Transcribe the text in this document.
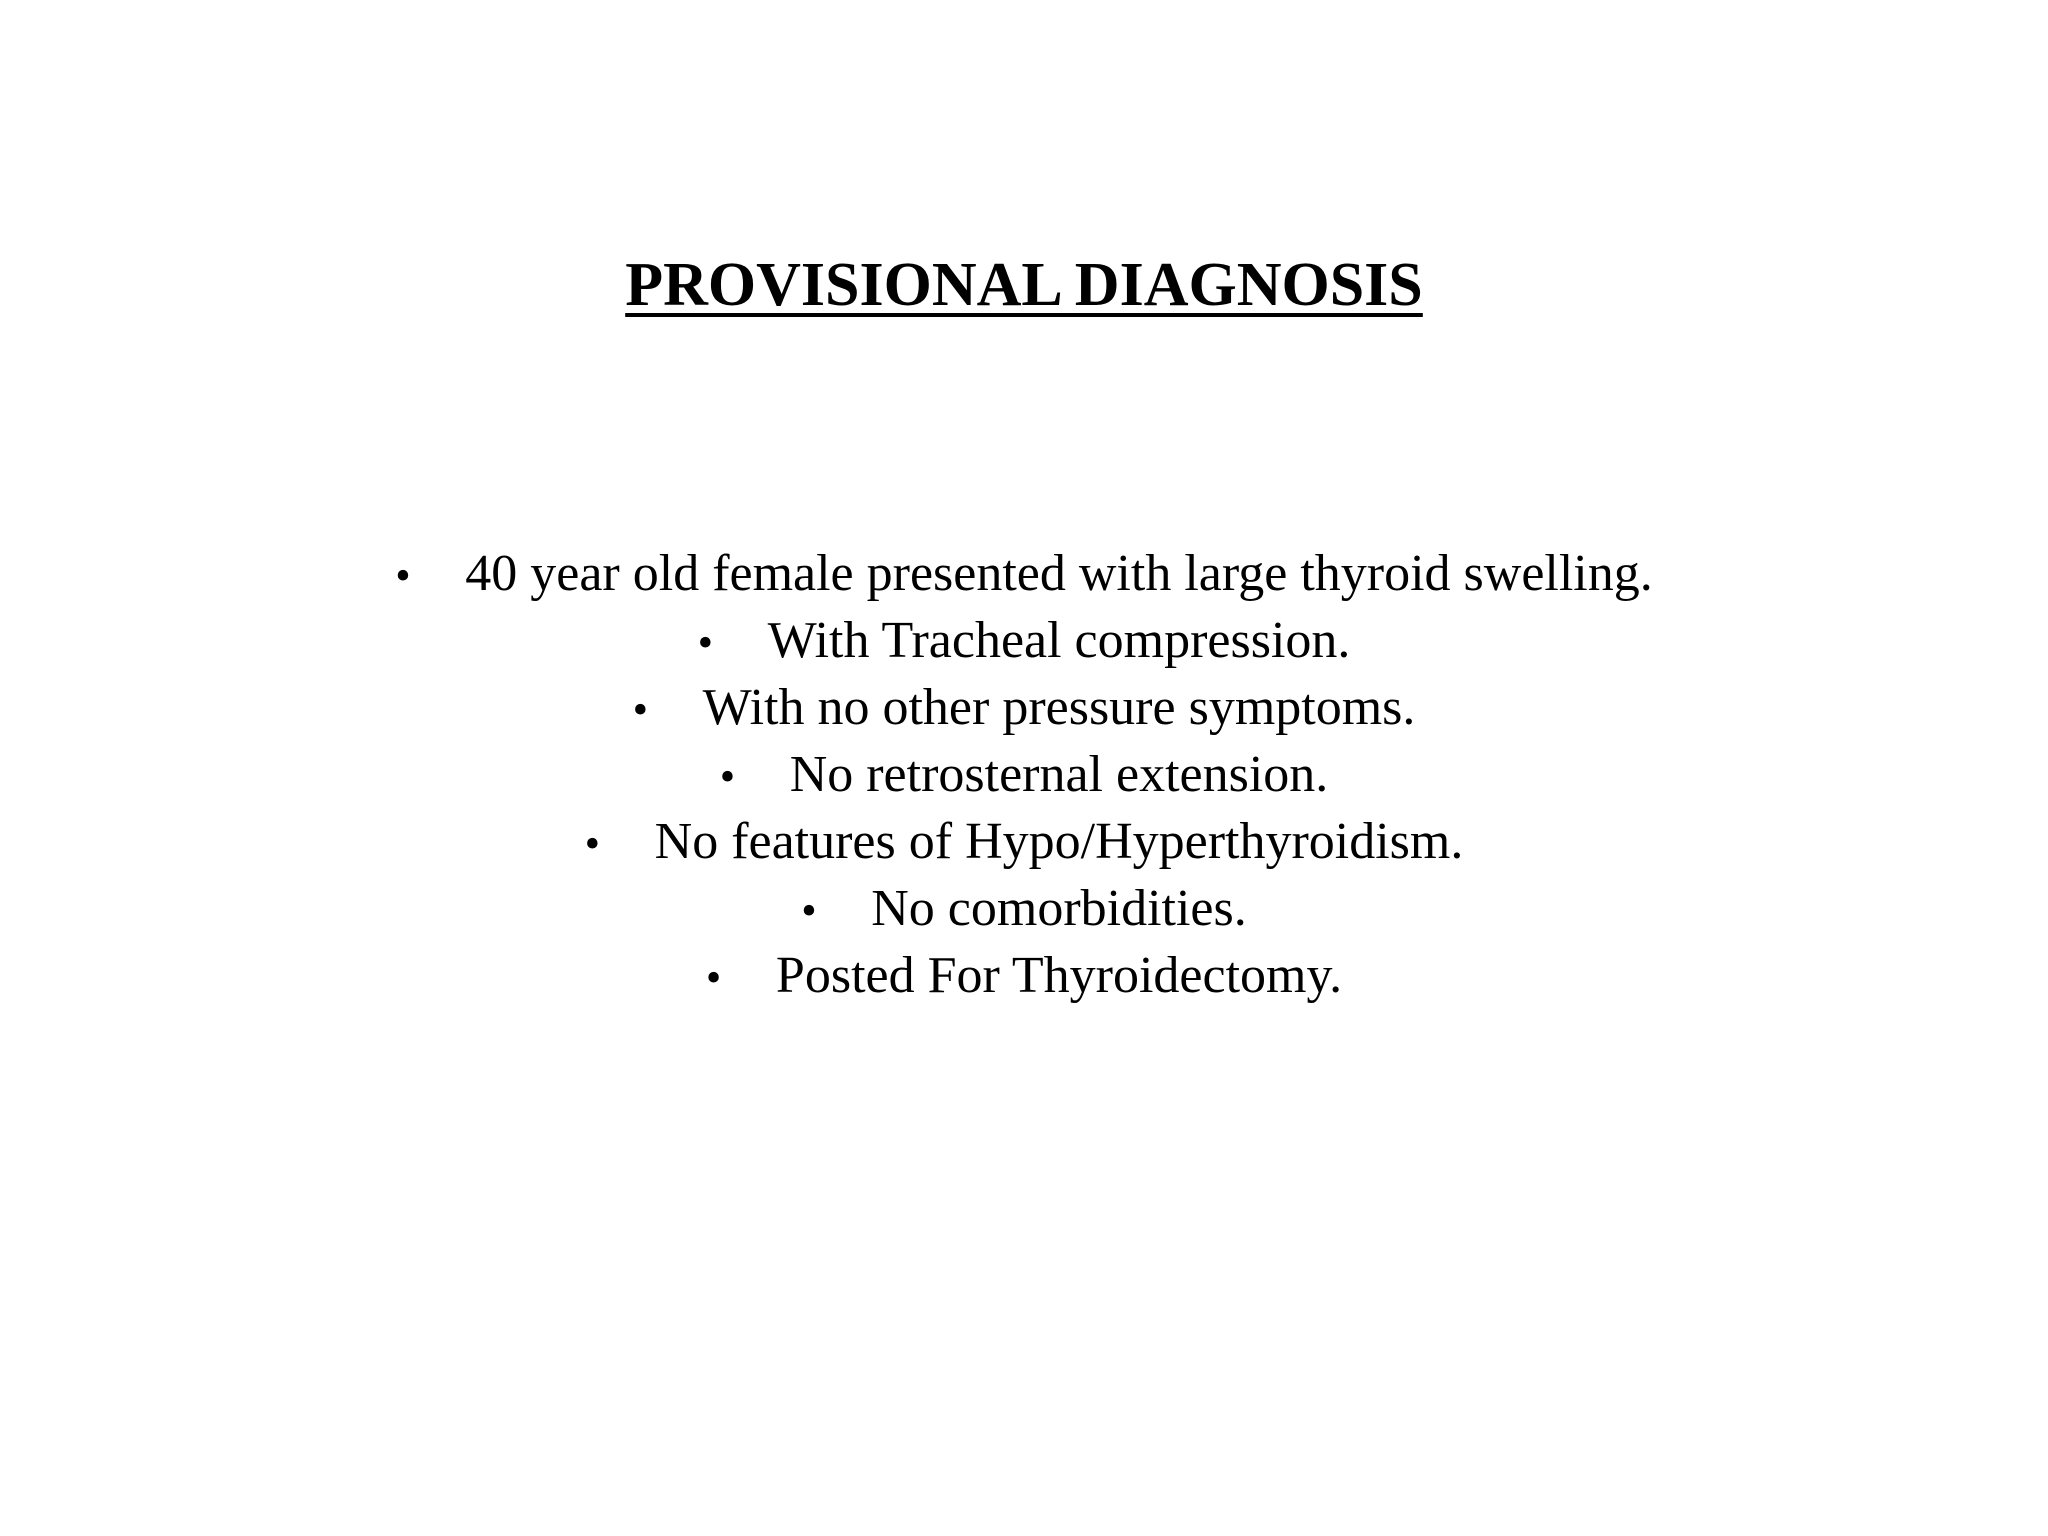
PROVISIONAL DIAGNOSIS
•	40 year old female presented with large thyroid swelling.
•	With Tracheal compression.
•	With no other pressure symptoms.
•	No retrosternal extension.
•	No features of Hypo/Hyperthyroidism.
•	No comorbidities.
•	Posted For Thyroidectomy.
